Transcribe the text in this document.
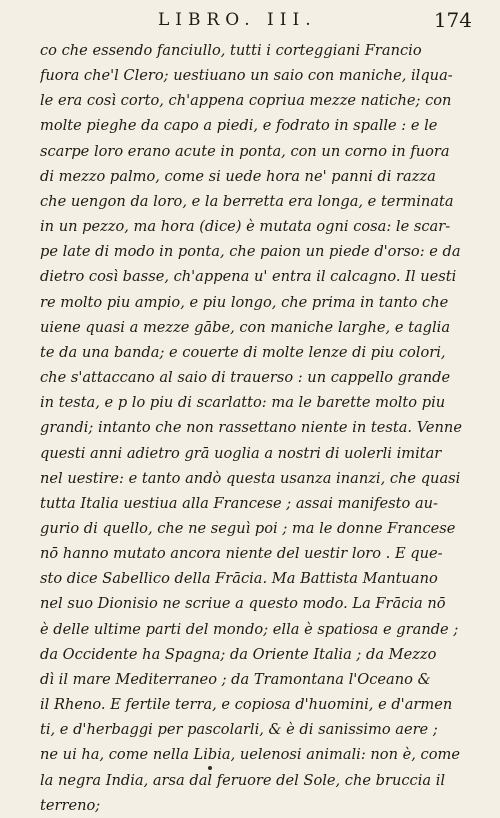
LIBRO. III.	174
co che essendo fanciullo, tutti i corteggiani Francio
fuora che'l Clero; uestiuano un saio con maniche, ilqua-
le era così corto, ch'appena copriua mezze natiche; con
molte pieghe da capo a piedi, e fodrato in spalle : e le
scarpe loro erano acute in ponta, con un corno in fuora
di mezzo palmo, come si uede hora ne' panni di razza
che uengon da loro, e la berretta era longa, e terminata
in un pezzo, ma hora (dice) è mutata ogni cosa: le scar-
pe late di modo in ponta, che paion un piede d'orso: e da
dietro così basse, ch'appena u' entra il calcagno. Il uesti
re molto piu ampio, e piu longo, che prima in tanto che
uiene quasi a mezze gābe, con maniche larghe, e taglia
te da una banda; e couerte di molte lenze di piu colori,
che s'attaccano al saio di trauerso : un cappello grande
in testa, e p lo piu di scarlatto: ma le barette molto piu
grandi; intanto che non rassettano niente in testa. Venne
questi anni adietro grā uoglia a nostri di uolerli imitar
nel uestire: e tanto andò questa usanza inanzi, che quasi
tutta Italia uestiua alla Francese ; assai manifesto au-
gurio di quello, che ne seguì poi ; ma le donne Francese
nō hanno mutato ancora niente del uestir loro . E que-
sto dice Sabellico della Frācia. Ma Battista Mantuano
nel suo Dionisio ne scriue a questo modo. La Frācia nō
è delle ultime parti del mondo; ella è spatiosa e grande ;
da Occidente ha Spagna; da Oriente Italia ; da Mezzo
dì il mare Mediterraneo ; da Tramontana l'Oceano &
il Rheno. E fertile terra, e copiosa d'huomini, e d'armen
ti, e d'herbaggi per pascolarli, & è di sanissimo aere ;
ne ui ha, come nella Libia, uelenosi animali: non è, come
la negra India, arsa dal feruore del Sole, che brucciа il
terreno;
